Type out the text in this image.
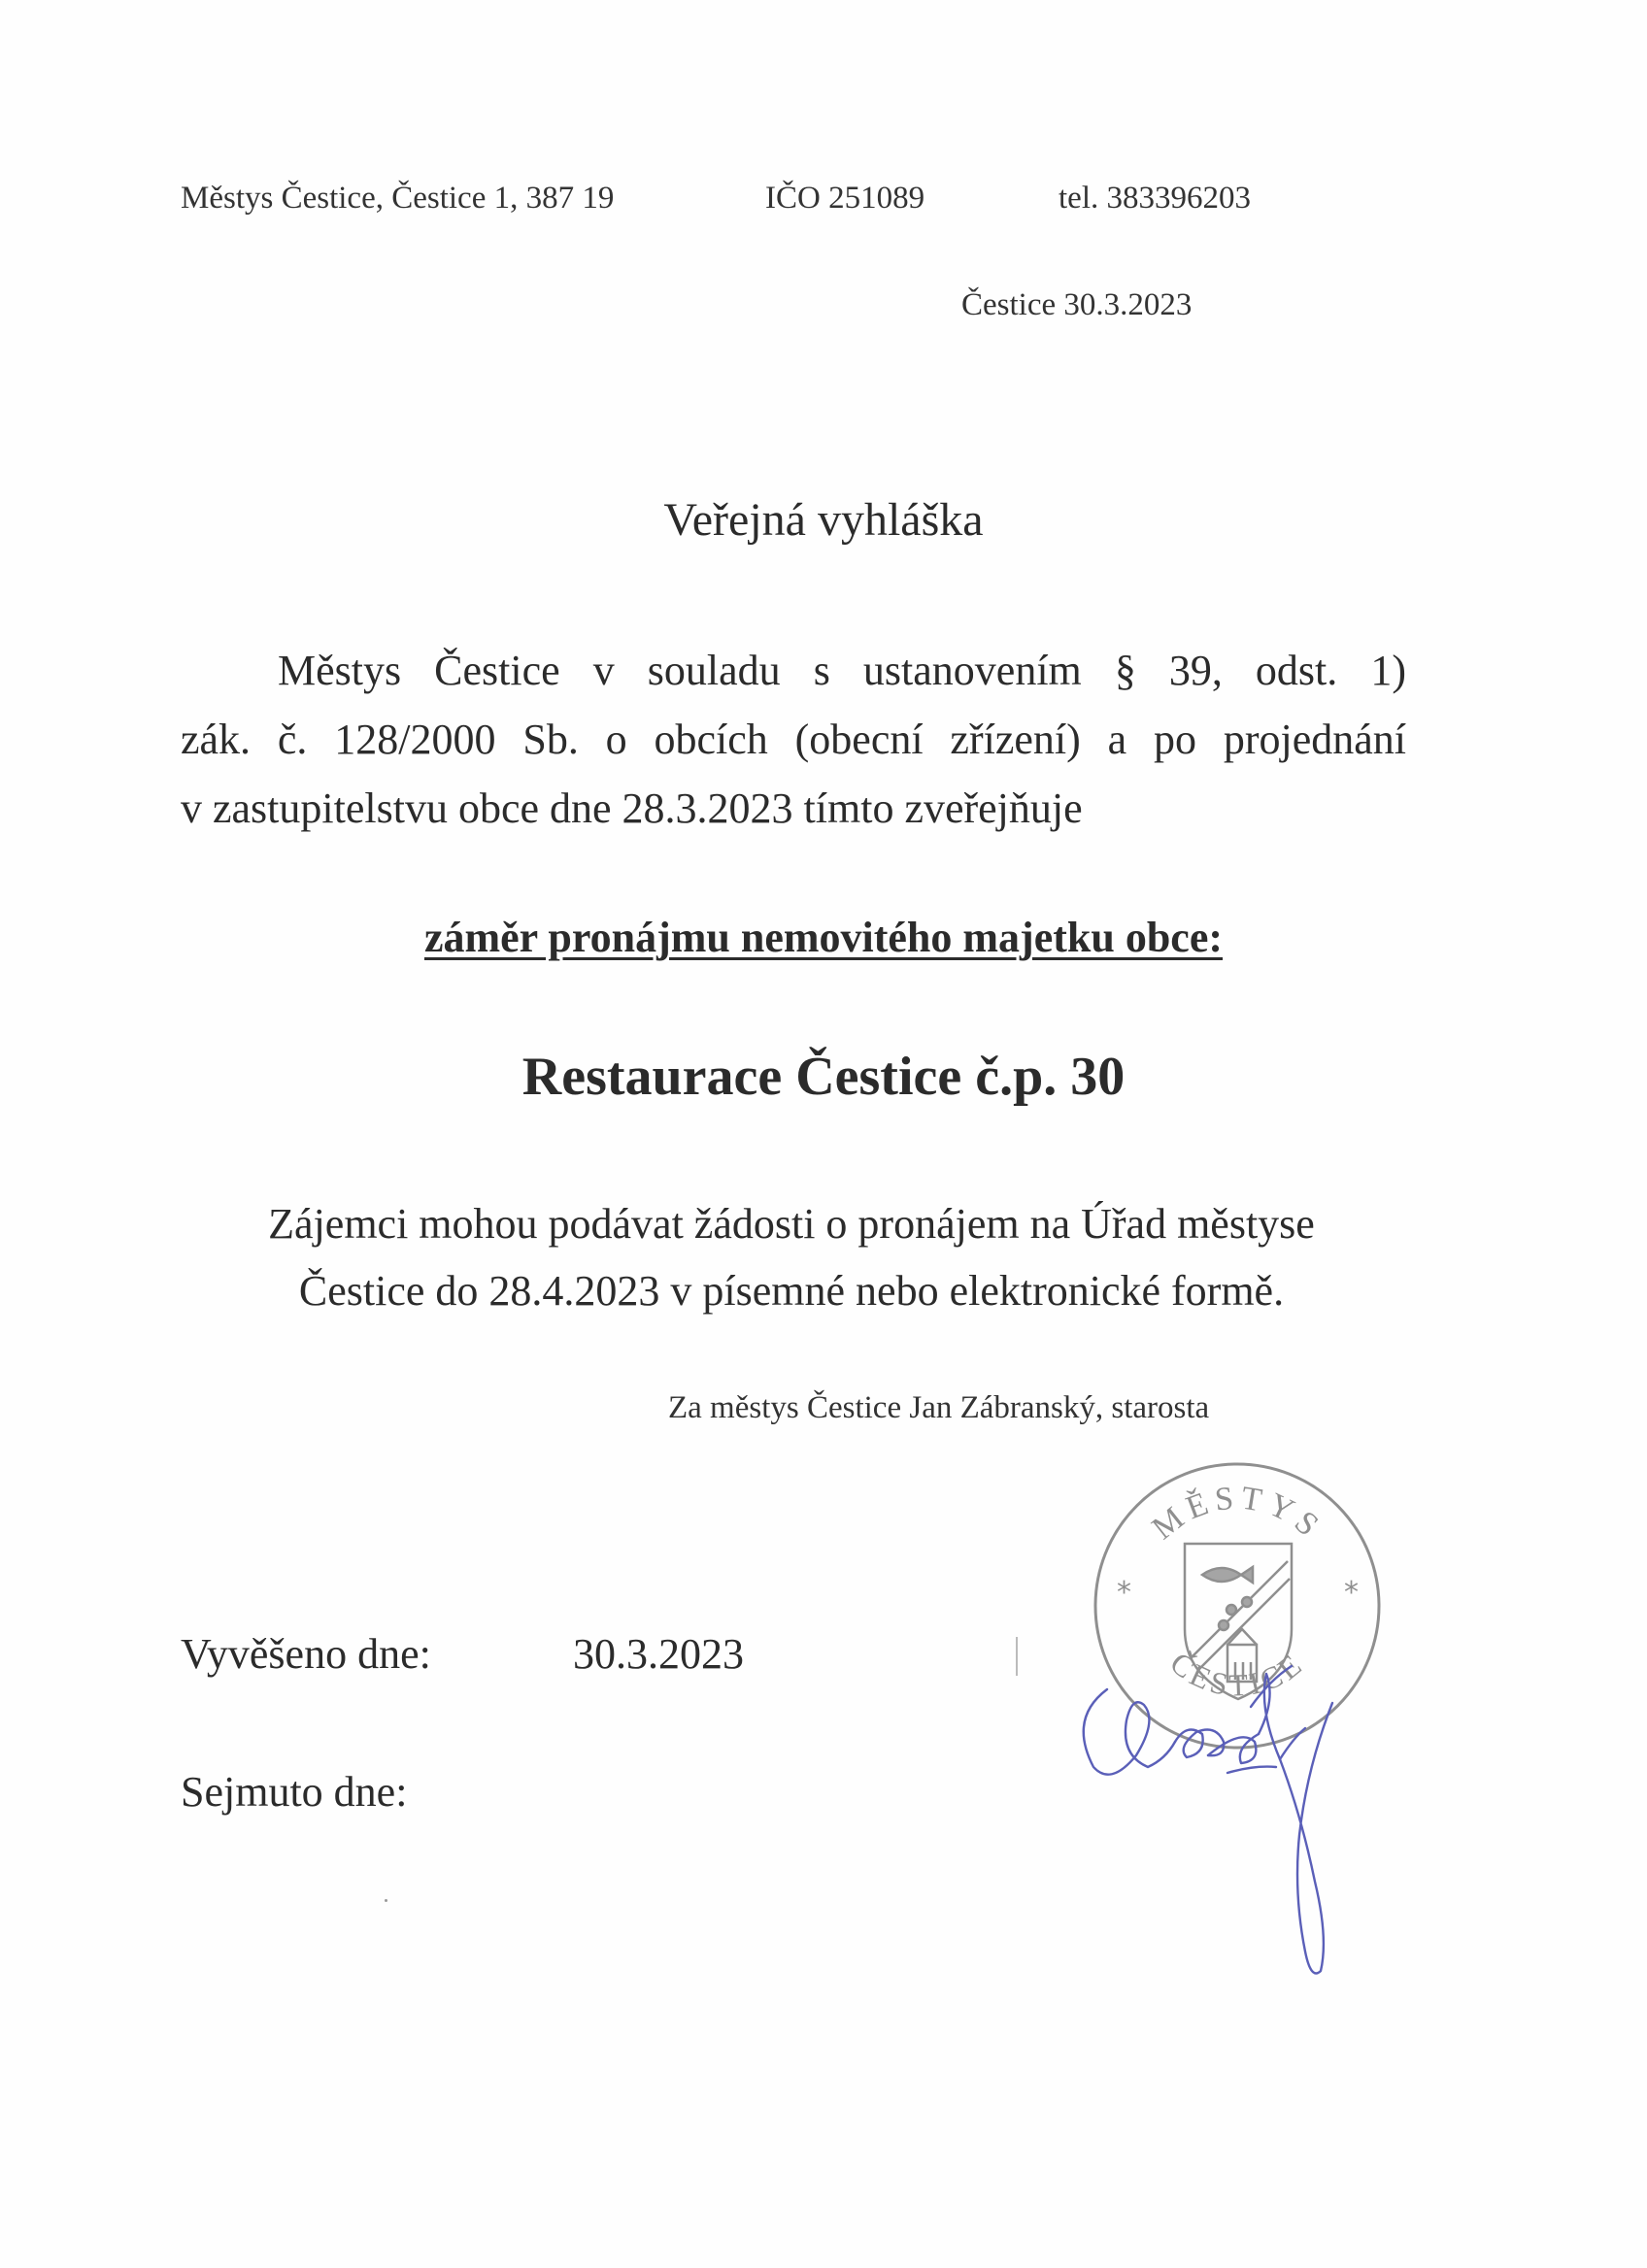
Městys Čestice, Čestice 1, 387 19	IČO 251089	tel. 383396203
Čestice 30.3.2023
Veřejná vyhláška
Městys Čestice v souladu s ustanovením § 39, odst. 1)
zák. č. 128/2000 Sb. o obcích (obecní zřízení) a po projednání
v zastupitelstvu obce dne 28.3.2023 tímto zveřejňuje
záměr pronájmu nemovitého majetku obce:
Restaurace Čestice č.p. 30
Zájemci mohou podávat žádosti o pronájem na Úřad městyse
Čestice do 28.4.2023 v písemné nebo elektronické formě.
Za městys Čestice Jan Zábranský, starosta
MĚSTYS
ČESTICE
*	*
Vyvěšeno dne:	30.3.2023
Sejmuto dne:
